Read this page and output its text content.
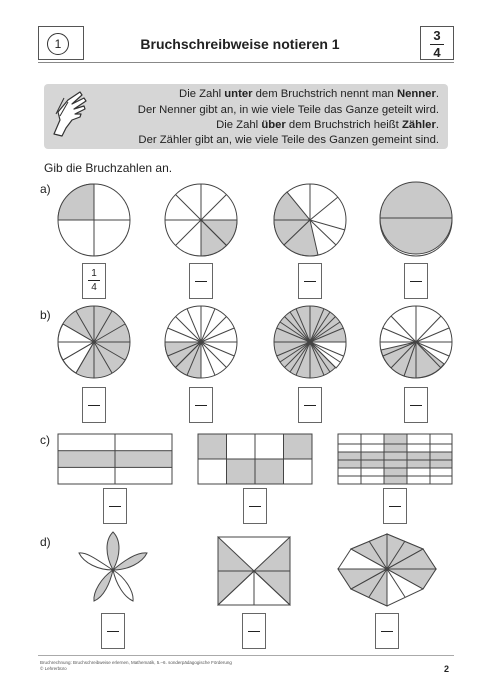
1	Bruchschreibweise notieren 1
3
4
Die Zahl unter dem Bruchstrich nennt man Nenner.
Der Nenner gibt an, in wie viele Teile das Ganze geteilt wird.
Die Zahl über dem Bruchstrich heißt Zähler.
Der Zähler gibt an, wie viele Teile des Ganzen gemeint sind.
Gib die Bruchzahlen an.
a)
b)
c)
d)
1
4
Bruchrechnung: Bruchschreibweise erlernen, Mathematik, 5.–6. sonderpädagogische Förderung
© Lehrerbüro	2
